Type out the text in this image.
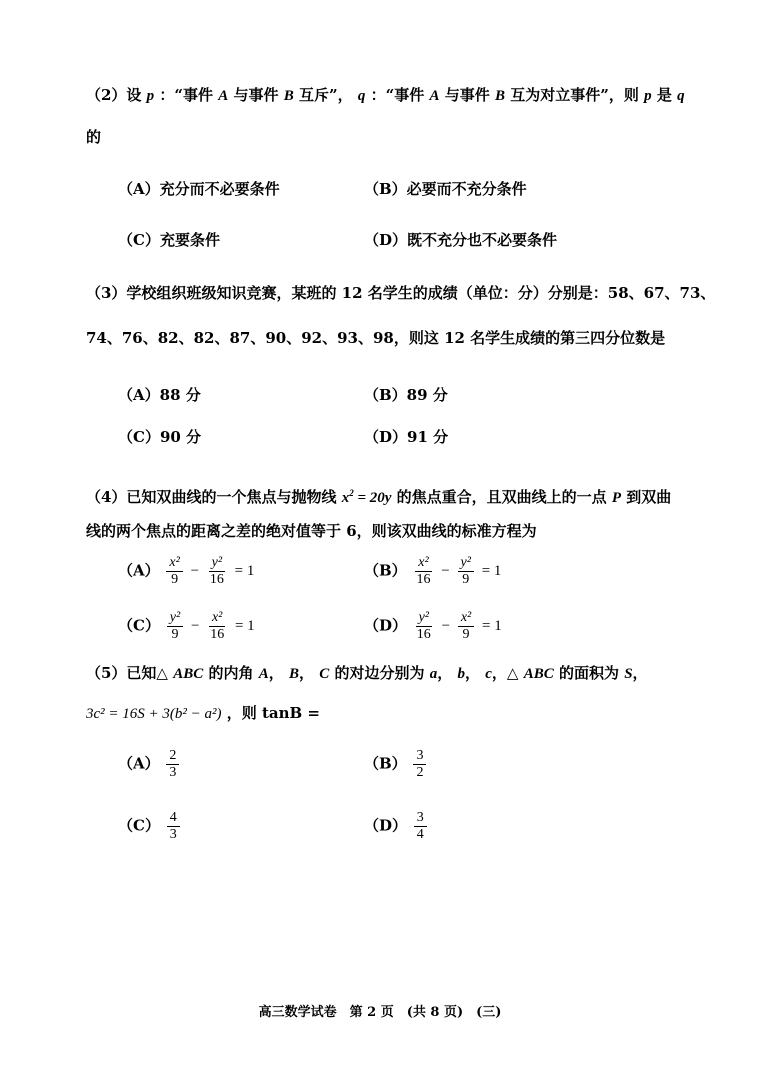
（2）设 p ：“事件 A 与事件 B 互斥”， q ：“事件 A 与事件 B 互为对立事件”，则 p 是 q
的
（A）充分而不必要条件	（B）必要而不充分条件
（C）充要条件	（D）既不充分也不必要条件
（3）学校组织班级知识竞赛，某班的 12 名学生的成绩（单位：分）分别是：58、67、73、
74、76、82、82、87、90、92、93、98，则这 12 名学生成绩的第三四分位数是
（A）88 分	（B）89 分
（C）90 分	（D）91 分
（4）已知双曲线的一个焦点与抛物线 $x^2 = 20y$ 的焦点重合，且双曲线上的一点 P 到双曲
线的两个焦点的距离之差的绝对值等于 6，则该双曲线的标准方程为
$(A) \frac{\text{x²}}{9} - \frac{\text{y²}}{16} = 1$	$(B) \frac{\text{x²}}{16} - \frac{\text{y²}}{9} = 1$
$(C) \frac{\text{y²}}{9} - \frac{\text{x²}}{16} = 1$	$(D) \frac{\text{y²}}{16} - \frac{\text{x²}}{9} = 1$
（5）已知△ ABC 的内角 A， B， C 的对边分别为 a， b， c，△ ABC 的面积为 S，
3c² = 16S + 3(b² − a²) ，则 tanB =
$(A) \frac{2}{3}$	$(B) \frac{3}{2}$
$(C) \frac{4}{3}$	$(D) \frac{3}{4}$
高三数学试卷　第 2 页　(共 8 页)　(三)
